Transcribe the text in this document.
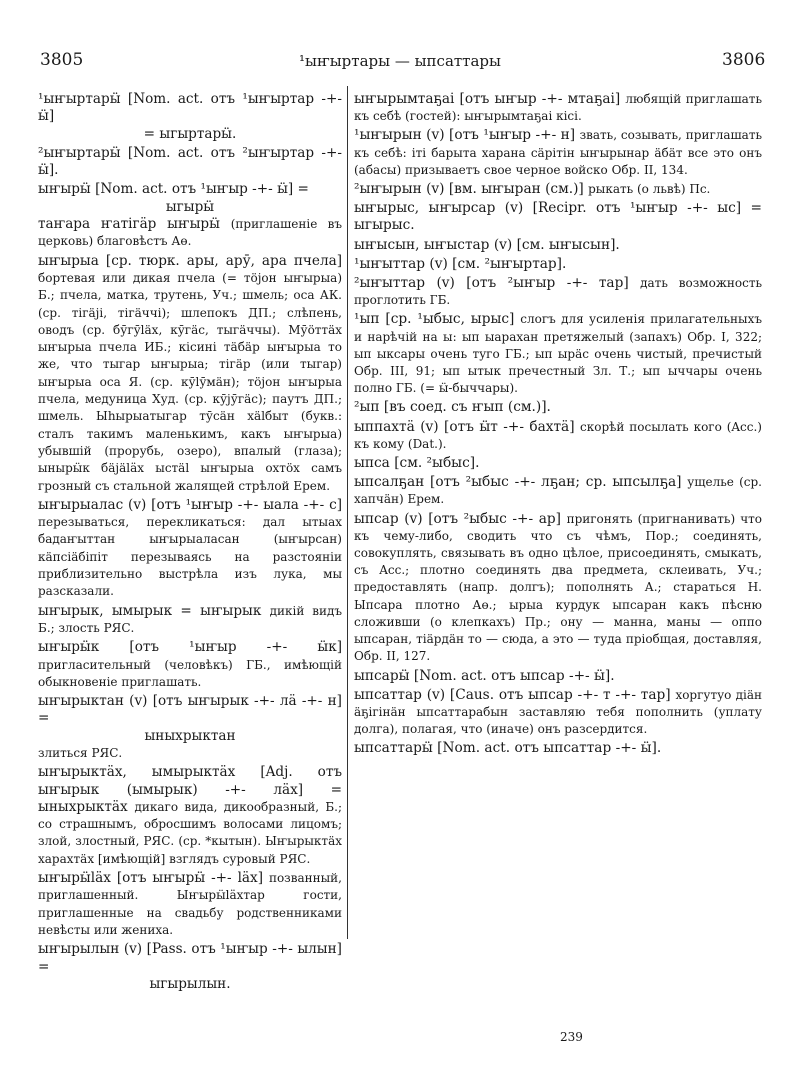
3805	¹ыҥыртары — ыпсаттары	3806

¹ыҥыртарӹ [Nom. act. отъ ¹ыҥыртар -+- ӹ]
= ыгыртарӹ.

²ыҥыртарӹ [Nom. act. отъ ²ыҥыртар -+- ӹ].

ыҥырӹ [Nom. act. отъ ¹ыҥыр -+- ӹ] =
ыгырӹ
таҥара ҥатігäр ыҥырӹ (приглашеніе въ церковь) благовѣстъ Аө.

ыҥырыа [ср. тюрк. ары, арӯ, ара пчела] бортевая или дикая пчела (= тöjон ыҥырыа) Б.; пчела, матка, трутень, Уч.; шмель; оса АК. (ср. тігäjі, тігäччі); шлепокъ ДП.; слѣпень, оводъ (ср. бӯгӯläх, кӯгäс, тыгäччы). Мӯöттäх ыҥырыа пчела ИБ.; кісині тäбäр ыҥырыа то же, что тыгар ыҥырыа; тігäр (или тыгар) ыҥырыа оса Я. (ср. кӯlӯмäн); тöjон ыҥырыа пчела, медуница Худ. (ср. кӯjӯгäс); паутъ ДП.; шмель. Ыһырыатыгар тӯсäн хälбыт (букв.: сталъ такимъ маленькимъ, какъ ыҥырыа) убывшій (прорубь, озеро), впалый (глаза); ынырӹк бäjälӓх ыстäl ыҥырыа охтöх самъ грозный съ стальной жалящей стрѣлой Ерем.

ыҥырыалас (v) [отъ ¹ыҥыр -+- ыала -+- с] перезываться, перекликаться: дал ытыах бадаҥыттан ыҥырыаласан (ыҥырсан) кäпсіäбіпіт перезываясь на разстояніи приблизительно выстрѣла изъ лука, мы разсказали.

ыҥырык, ымырык = ыҥырык дикій видъ Б.; злость РЯС.

ыҥырӹк [отъ ¹ыҥыр -+- ӹк] пригласительный (человѣкъ) ГБ., имѣющій обыкновеніе приглашать.

ыҥырыктан (v) [отъ ыҥырык -+- лä -+- н] =
ыныхрыктан
злиться РЯС.

ыҥырыктäх, ымырыктäх [Adj. отъ ыҥырык (ымырык) -+- лäх] = ыныхрыктäх дикаго вида, дикообразный, Б.; со страшнымъ, обросшимъ волосами лицомъ; злой, злостный, РЯС. (ср. *кытын). Ыҥырыктäх харахтäх [имѣющій] взглядъ суровый РЯС.

ыҥырӹläх [отъ ыҥырӹ -+- läх] позванный, приглашенный. Ыҥырӹlӓхтар гости, приглашенные на свадьбу родственниками невѣсты или жениха.

ыҥырылын (v) [Pass. отъ ¹ыҥыр -+- ылын] =
ыгырылын.

ыҥырымтаҕаі [отъ ыҥыр -+- мтаҕаі] любящій приглашать къ себѣ (гостей): ыҥырымтаҕаі кісі.

¹ыҥырын (v) [отъ ¹ыҥыр -+- н] звать, созывать, приглашать къ себѣ: іті барыта харана сäрітін ыҥырынар äбäт все это онъ (абасы) призываетъ свое черное войско Обр. II, 134.

²ыҥырын (v) [вм. ыҥыран (см.)] рыкать (о львѣ) Пс.

ыҥырыс, ыҥырсар (v) [Recipr. отъ ¹ыҥыр -+- ыс] = ыгырыс.

ыҥысын, ыҥыстар (v) [см. ыҥысын].

¹ыҥыттар (v) [см. ²ыҥыртар].

²ыҥыттар (v) [отъ ²ыҥыр -+- тар] дать возможность проглотить ГБ.

¹ып [ср. ¹ыбыс, ырыс] слогъ для усиленія прилагательныхъ и нарѣчій на ы: ып ыарахан претяжелый (запахъ) Обр. I, 322; ып ыксары очень туго ГБ.; ып ырäс очень чистый, пречистый Обр. III, 91; ып ытык пречестный Зл. Т.; ып ыччары очень полно ГБ. (= ӹ-быччары).

²ып [въ соед. съ ҥып (см.)].

ыппахтä (v) [отъ ӹт -+- бахтä] скорѣй посылать кого (Acc.) къ кому (Dat.).

ыпса [см. ²ыбыс].

ыпсалҕан [отъ ²ыбыс -+- лҕан; ср. ыпсылҕа] ущелье (ср. хапчäн) Ерем.

ыпсар (v) [отъ ²ыбыс -+- ар] пригонять (пригнанивать) что къ чему-либо, сводить что съ чѣмъ, Пор.; соединять, совокуплять, связывать въ одно цѣлое, присоединять, смыкать, съ Acc.; плотно соединять два предмета, склеивать, Уч.; предоставлять (напр. долгъ); пополнять А.; стараться Н. Ыпсара плотно Аө.; ырыа курдук ыпсаран какъ пѣсню сложивши (о клепкахъ) Пр.; ону — манна, маны — оппо ыпсаран, тіäрдäн то — сюда, а это — туда пріобщая, доставляя, Обр. II, 127.

ыпсарӹ [Nom. act. отъ ыпсар -+- ӹ].

ыпсаттар (v) [Caus. отъ ыпсар -+- т -+- тар] хоргутуо діäн äҕігінäн ыпсаттарабын заставляю тебя пополнить (уплату долга), полагая, что (иначе) онъ разсердится.

ыпсаттарӹ [Nom. act. отъ ыпсаттар -+- ӹ].

239
